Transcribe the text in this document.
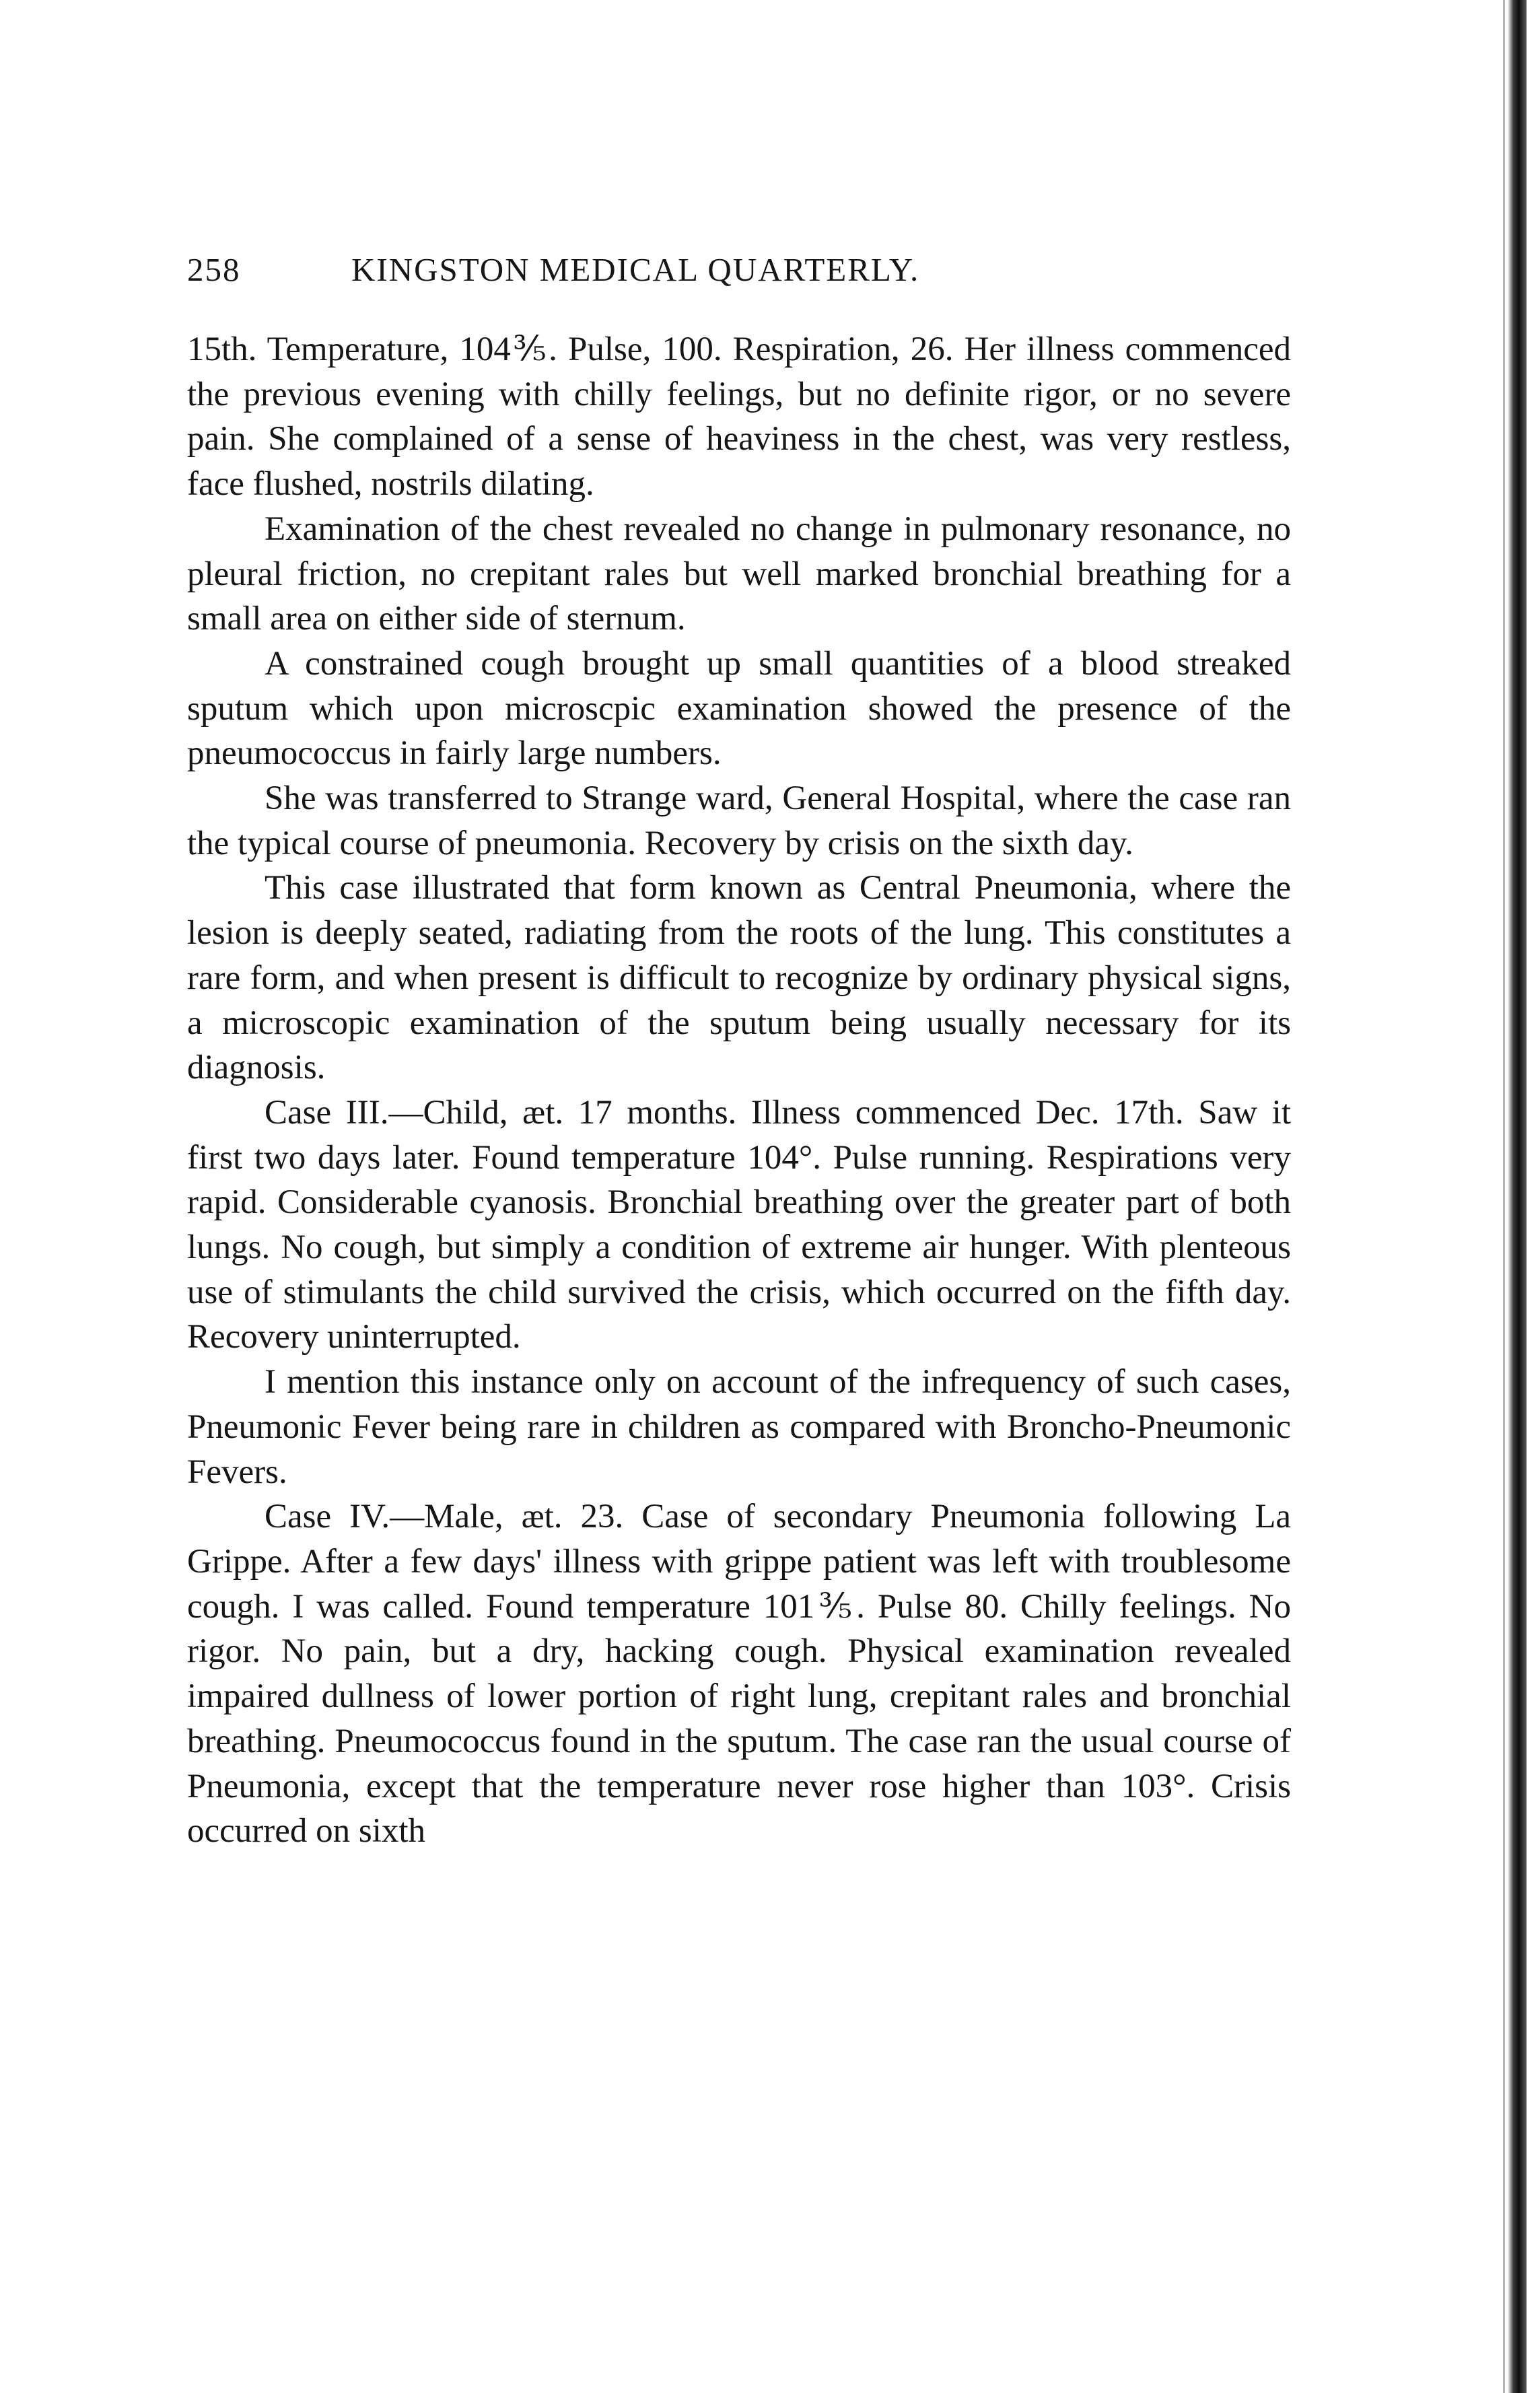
258	KINGSTON MEDICAL QUARTERLY.

15th. Temperature, 104⅗. Pulse, 100. Respiration, 26. Her illness commenced the previous evening with chilly feelings, but no definite rigor, or no severe pain. She complained of a sense of heaviness in the chest, was very restless, face flushed, nostrils dilating.

Examination of the chest revealed no change in pulmonary resonance, no pleural friction, no crepitant rales but well marked bronchial breathing for a small area on either side of sternum.

A constrained cough brought up small quantities of a blood streaked sputum which upon microscpic examination showed the presence of the pneumococcus in fairly large numbers.

She was transferred to Strange ward, General Hospital, where the case ran the typical course of pneumonia. Recovery by crisis on the sixth day.

This case illustrated that form known as Central Pneumonia, where the lesion is deeply seated, radiating from the roots of the lung. This constitutes a rare form, and when present is difficult to recognize by ordinary physical signs, a microscopic examination of the sputum being usually necessary for its diagnosis.

Case III.—Child, æt. 17 months. Illness commenced Dec. 17th. Saw it first two days later. Found temperature 104°. Pulse running. Respirations very rapid. Considerable cyanosis. Bronchial breathing over the greater part of both lungs. No cough, but simply a condition of extreme air hunger. With plenteous use of stimulants the child survived the crisis, which occurred on the fifth day. Recovery uninterrupted.

I mention this instance only on account of the infrequency of such cases, Pneumonic Fever being rare in children as compared with Broncho-Pneumonic Fevers.

Case IV.—Male, æt. 23. Case of secondary Pneumonia following La Grippe. After a few days' illness with grippe patient was left with troublesome cough. I was called. Found temperature 101⅗. Pulse 80. Chilly feelings. No rigor. No pain, but a dry, hacking cough. Physical examination revealed impaired dullness of lower portion of right lung, crepitant rales and bronchial breathing. Pneumococcus found in the sputum. The case ran the usual course of Pneumonia, except that the temperature never rose higher than 103°. Crisis occurred on sixth
